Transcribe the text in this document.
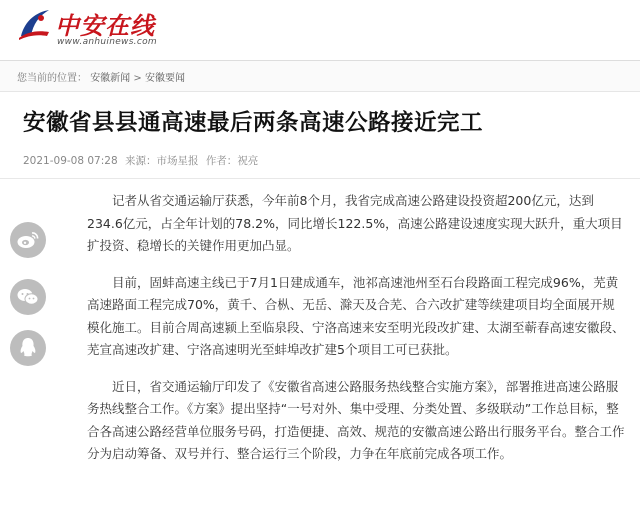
中安在线
www.anhuinews.com
您当前的位置： 安徽新闻 > 安徽要闻
安徽省县县通高速最后两条高速公路接近完工
2021-09-08 07:28 来源：市场星报 作者：祝亮

记者从省交通运输厅获悉，今年前8个月，我省完成高速公路建设投资超200亿元，达到234.6亿元，占全年计划的78.2%，同比增长122.5%，高速公路建设速度实现大跃升，重大项目扩投资、稳增长的关键作用更加凸显。

目前，固蚌高速主线已于7月1日建成通车，池祁高速池州至石台段路面工程完成96%，芜黄高速路面工程完成70%，黄千、合枞、无岳、滁天及合芜、合六改扩建等续建项目均全面展开规模化施工。目前合周高速颍上至临泉段、宁洛高速来安至明光段改扩建、太湖至蕲春高速安徽段、芜宣高速改扩建、宁洛高速明光至蚌埠改扩建5个项目工可已获批。

近日，省交通运输厅印发了《安徽省高速公路服务热线整合实施方案》，部署推进高速公路服务热线整合工作。《方案》提出坚持“一号对外、集中受理、分类处置、多级联动”工作总目标，整合各高速公路经营单位服务号码，打造便捷、高效、规范的安徽高速公路出行服务平台。整合工作分为启动筹备、双号并行、整合运行三个阶段，力争在年底前完成各项工作。
